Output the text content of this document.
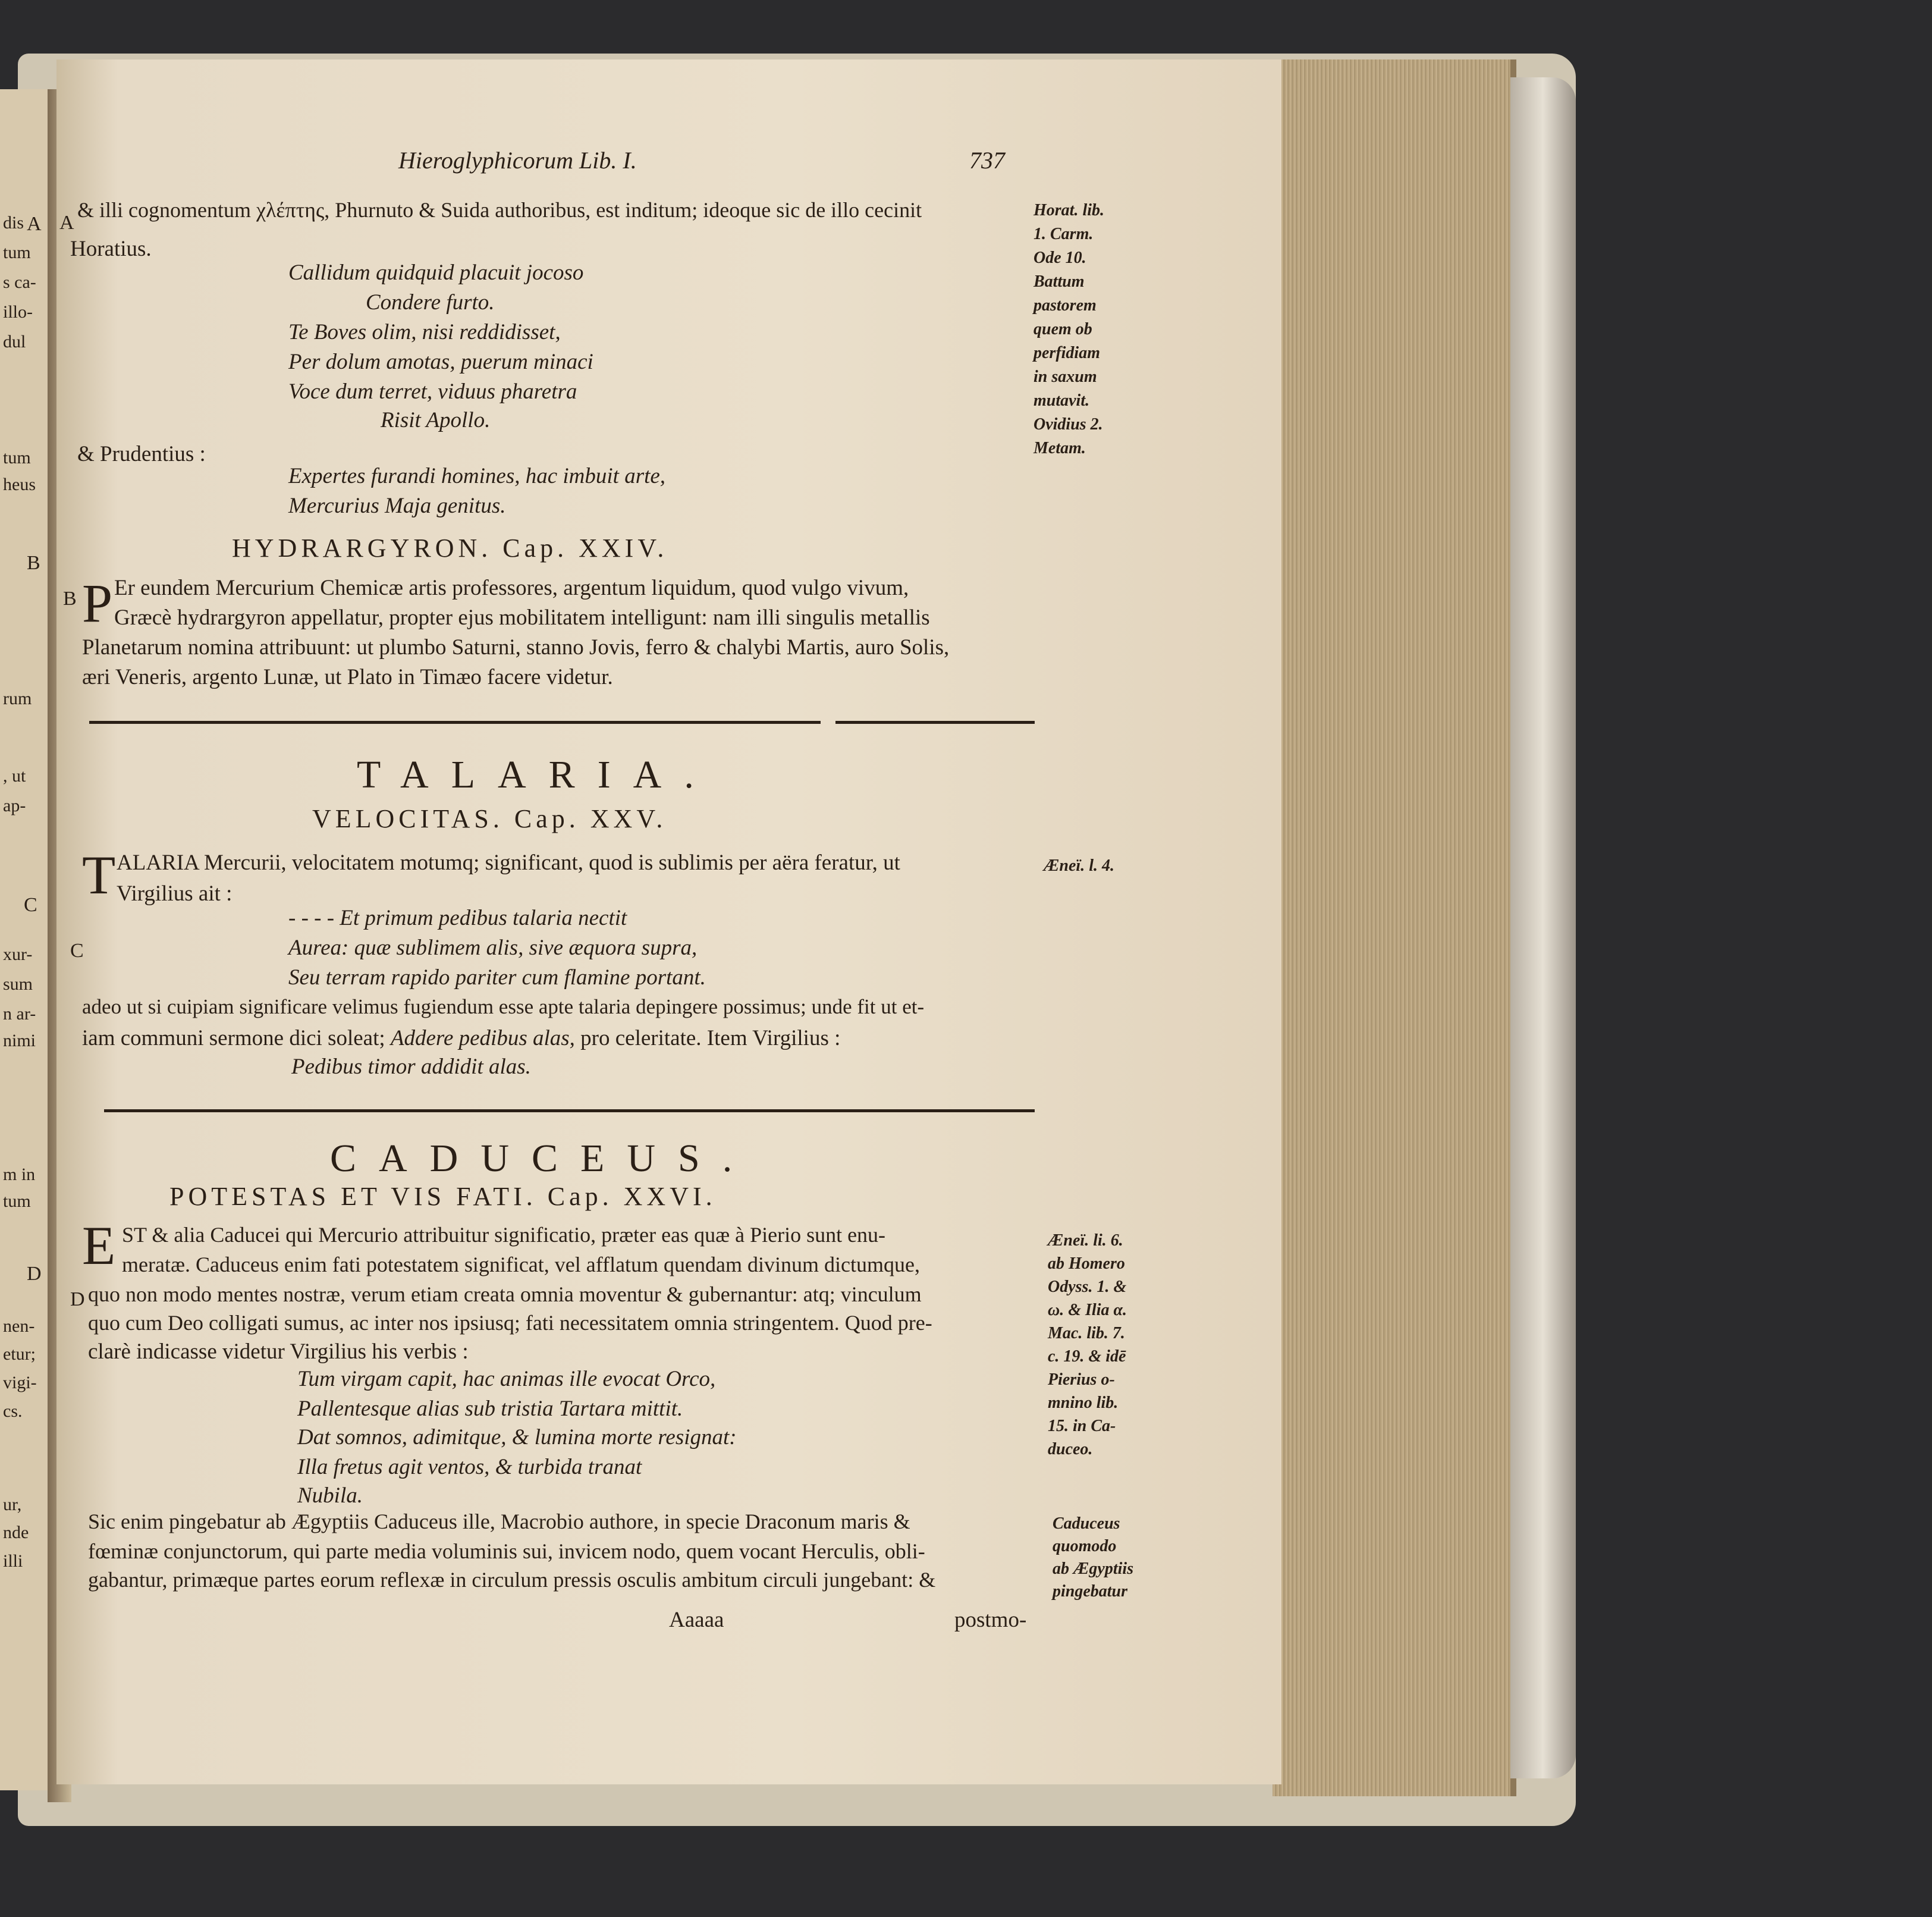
dis
tum
s ca-
illo-
dul
tum
heus
rum
, ut
ap-
xur-
sum
n ar-
nimi
m in
tum
nen-
etur;
vigi-
cs.
ur,
nde
illi
A
B
C
D
Hieroglyphicorum Lib. I.	737
A
& illi cognomentum χλέπτης, Phurnuto & Suida authoribus, est inditum; ideoque sic de illo cecinit
Horatius.
Callidum quidquid placuit jocoso
Condere furto.
Te Boves olim, nisi reddidisset,
Per dolum amotas, puerum minaci
Voce dum terret, viduus pharetra
Risit Apollo.
& Prudentius :
Expertes furandi homines, hac imbuit arte,
Mercurius Maja genitus.
Horat. lib.
1. Carm.
Ode 10.
Battum
pastorem
quem ob
perfidiam
in saxum
mutavit.
Ovidius 2.
Metam.
HYDRARGYRON. Cap. XXIV.
B P Er eundem Mercurium Chemicæ artis professores, argentum liquidum, quod vulgo vivum,
Græcè hydrargyron appellatur, propter ejus mobilitatem intelligunt: nam illi singulis metallis
Planetarum nomina attribuunt: ut plumbo Saturni, stanno Jovis, ferro & chalybi Martis, auro Solis,
æri Veneris, argento Lunæ, ut Plato in Timæo facere videtur.
TALARIA.
VELOCITAS. Cap. XXV.
T ALARIA Mercurii, velocitatem motumq; significant, quod is sublimis per aëra feratur, ut
Virgilius ait :
Æneï. l. 4.
C
- - - - Et primum pedibus talaria nectit
Aurea: quæ sublimem alis, sive æquora supra,
Seu terram rapido pariter cum flamine portant.
adeo ut si cuipiam significare velimus fugiendum esse apte talaria depingere possimus; unde fit ut et-
iam communi sermone dici soleat; Addere pedibus alas, pro celeritate. Item Virgilius :
Pedibus timor addidit alas.
CADUCEUS.
POTESTAS ET VIS FATI. Cap. XXVI.
E ST & alia Caducei qui Mercurio attribuitur significatio, præter eas quæ à Pierio sunt enu-
meratæ. Caduceus enim fati potestatem significat, vel afflatum quendam divinum dictumque,
D quo non modo mentes nostræ, verum etiam creata omnia moventur & gubernantur: atq; vinculum
quo cum Deo colligati sumus, ac inter nos ipsiusq; fati necessitatem omnia stringentem. Quod pre-
clarè indicasse videtur Virgilius his verbis :
Tum virgam capit, hac animas ille evocat Orco,
Pallentesque alias sub tristia Tartara mittit.
Dat somnos, adimitque, & lumina morte resignat:
Illa fretus agit ventos, & turbida tranat
Nubila.
Sic enim pingebatur ab Ægyptiis Caduceus ille, Macrobio authore, in specie Draconum maris &
fœminæ conjunctorum, qui parte media voluminis sui, invicem nodo, quem vocant Herculis, obli-
gabantur, primæque partes eorum reflexæ in circulum pressis osculis ambitum circuli jungebant: &
Æneï. li. 6.
ab Homero
Odyss. 1. &
ω. & Ilia α.
Mac. lib. 7.
c. 19. & idē
Pierius o-
mnino lib.
15. in Ca-
duceo.
Caduceus
quomodo
ab Ægyptiis
pingebatur
Aaaaa	postmo-
